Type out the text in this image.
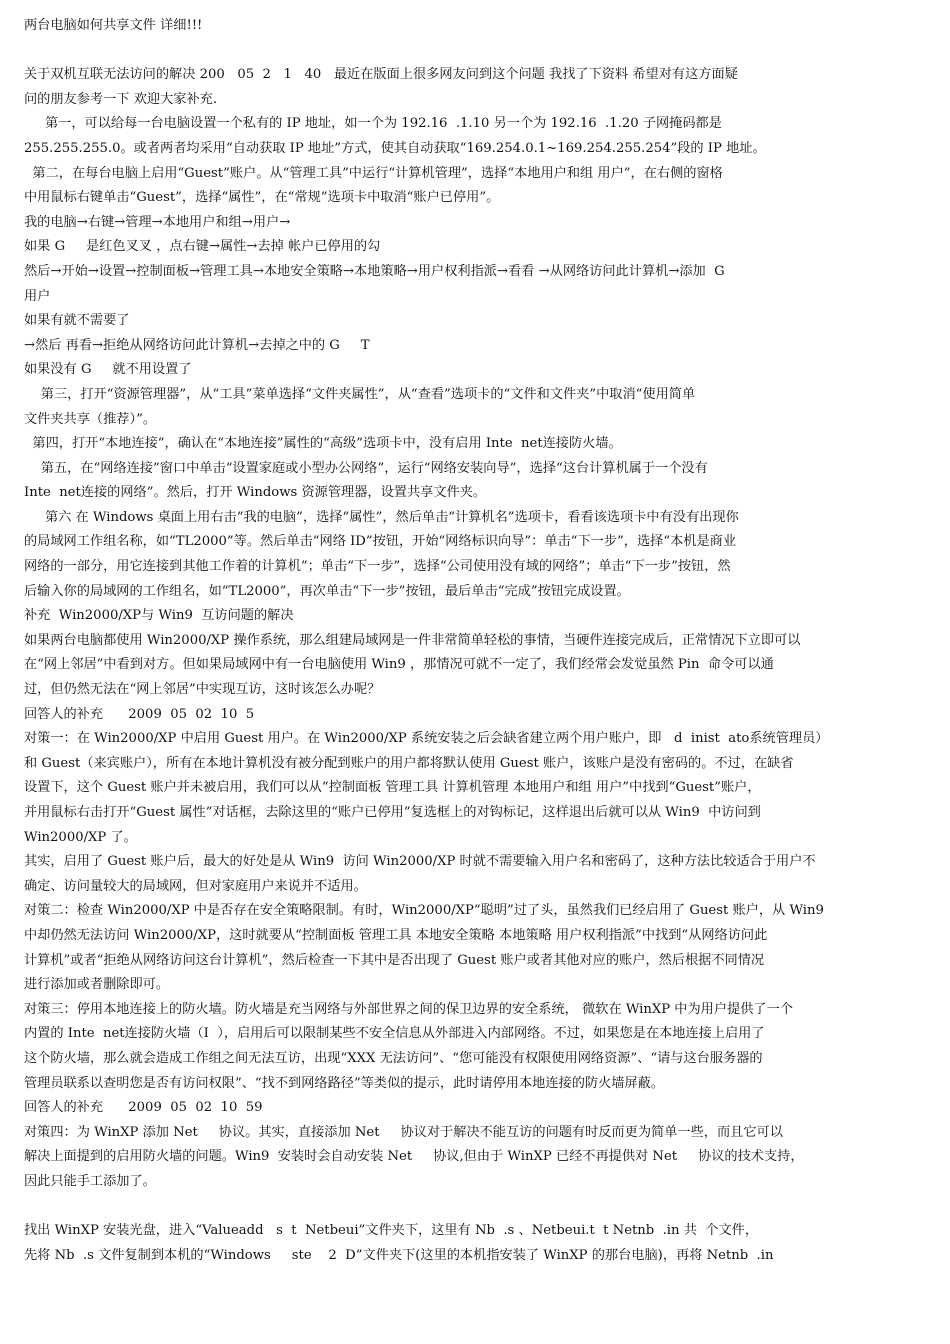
两台电脑如何共享文件 详细!!!
关于双机互联无法访问的解决 200   05  2   1   40   最近在版面上很多网友问到这个问题 我找了下资料 希望对有这方面疑
问的朋友参考一下 欢迎大家补充.
第一，可以给每一台电脑设置一个私有的 IP 地址，如一个为 192.16  .1.10 另一个为 192.16  .1.20 子网掩码都是
255.255.255.0。或者两者均采用“自动获取 IP 地址”方式，使其自动获取“169.254.0.1~169.254.255.254”段的 IP 地址。
第二，在每台电脑上启用“Guest”账户。从“管理工具”中运行“计算机管理”，选择“本地用户和组 用户”，在右侧的窗格
中用鼠标右键单击“Guest”，选择“属性”，在“常规”选项卡中取消“账户已停用”。
我的电脑→右键→管理→本地用户和组→用户→
如果 G     是红色叉叉 ，点右键→属性→去掉 帐户已停用的勾
然后→开始→设置→控制面板→管理工具→本地安全策略→本地策略→用户权利指派→看看 →从网络访问此计算机→添加  G
用户
如果有就不需要了
→然后 再看→拒绝从网络访问此计算机→去掉之中的 G     T
如果没有 G     就不用设置了
第三，打开“资源管理器”，从“工具”菜单选择“文件夹属性”，从“查看”选项卡的“文件和文件夹”中取消“使用简单
文件夹共享（推荐）”。
第四，打开“本地连接”，确认在“本地连接”属性的“高级”选项卡中，没有启用 Inte  net连接防火墙。
第五，在“网络连接”窗口中单击“设置家庭或小型办公网络”，运行“网络安装向导”，选择“这台计算机属于一个没有
Inte  net连接的网络”。然后，打开 Windows 资源管理器，设置共享文件夹。
第六 在 Windows 桌面上用右击“我的电脑”，选择“属性”，然后单击“计算机名”选项卡，看看该选项卡中有没有出现你
的局域网工作组名称，如“TL2000”等。然后单击“网络 ID”按钮，开始“网络标识向导”：单击“下一步”，选择“本机是商业
网络的一部分，用它连接到其他工作着的计算机”；单击“下一步”，选择“公司使用没有域的网络”；单击“下一步”按钮，然
后输入你的局域网的工作组名，如“TL2000”，再次单击“下一步”按钮，最后单击“完成”按钮完成设置。
补充  Win2000/XP与 Win9  互访问题的解决
如果两台电脑都使用 Win2000/XP 操作系统，那么组建局域网是一件非常简单轻松的事情，当硬件连接完成后，正常情况下立即可以
在“网上邻居”中看到对方。但如果局域网中有一台电脑使用 Win9 ，那情况可就不一定了，我们经常会发觉虽然 Pin  命令可以通
过，但仍然无法在“网上邻居”中实现互访，这时该怎么办呢？
回答人的补充      2009  05  02  10  5
对策一：在 Win2000/XP 中启用 Guest 用户。在 Win2000/XP 系统安装之后会缺省建立两个用户账户，即   d  inist  ato系统管理员）
和 Guest（来宾账户），所有在本地计算机没有被分配到账户的用户都将默认使用 Guest 账户，该账户是没有密码的。不过，在缺省
设置下，这个 Guest 账户并未被启用，我们可以从“控制面板 管理工具 计算机管理 本地用户和组 用户”中找到“Guest”账户，
并用鼠标右击打开“Guest 属性”对话框，去除这里的“账户已停用”复选框上的对钩标记，这样退出后就可以从 Win9  中访问到
Win2000/XP 了。
其实，启用了 Guest 账户后，最大的好处是从 Win9  访问 Win2000/XP 时就不需要输入用户名和密码了，这种方法比较适合于用户不
确定、访问量较大的局域网，但对家庭用户来说并不适用。
对策二：检查 Win2000/XP 中是否存在安全策略限制。有时，Win2000/XP“聪明”过了头，虽然我们已经启用了 Guest 账户，从 Win9
中却仍然无法访问 Win2000/XP，这时就要从“控制面板 管理工具 本地安全策略 本地策略 用户权利指派”中找到“从网络访问此
计算机”或者“拒绝从网络访问这台计算机”，然后检查一下其中是否出现了 Guest 账户或者其他对应的账户，然后根据不同情况
进行添加或者删除即可。
对策三：停用本地连接上的防火墙。防火墙是充当网络与外部世界之间的保卫边界的安全系统， 微软在 WinXP 中为用户提供了一个
内置的 Inte  net连接防火墙（I  ），启用后可以限制某些不安全信息从外部进入内部网络。不过，如果您是在本地连接上启用了
这个防火墙，那么就会造成工作组之间无法互访，出现“XXX 无法访问”、“您可能没有权限使用网络资源”、“请与这台服务器的
管理员联系以查明您是否有访问权限”、“找不到网络路径”等类似的提示，此时请停用本地连接的防火墙屏蔽。
回答人的补充      2009  05  02  10  59
对策四：为 WinXP 添加 Net     协议。其实，直接添加 Net     协议对于解决不能互访的问题有时反而更为简单一些，而且它可以
解决上面提到的启用防火墙的问题。Win9  安装时会自动安装 Net     协议,但由于 WinXP 已经不再提供对 Net     协议的技术支持，
因此只能手工添加了。
找出 WinXP 安装光盘，进入“Valueadd   s  t  Netbeui”文件夹下，这里有 Nb  .s 、Netbeui.t  t Netnb  .in 共  个文件，
先将 Nb  .s 文件复制到本机的“Windows     ste    2  D”文件夹下(这里的本机指安装了 WinXP 的那台电脑)，再将 Netnb  .in
